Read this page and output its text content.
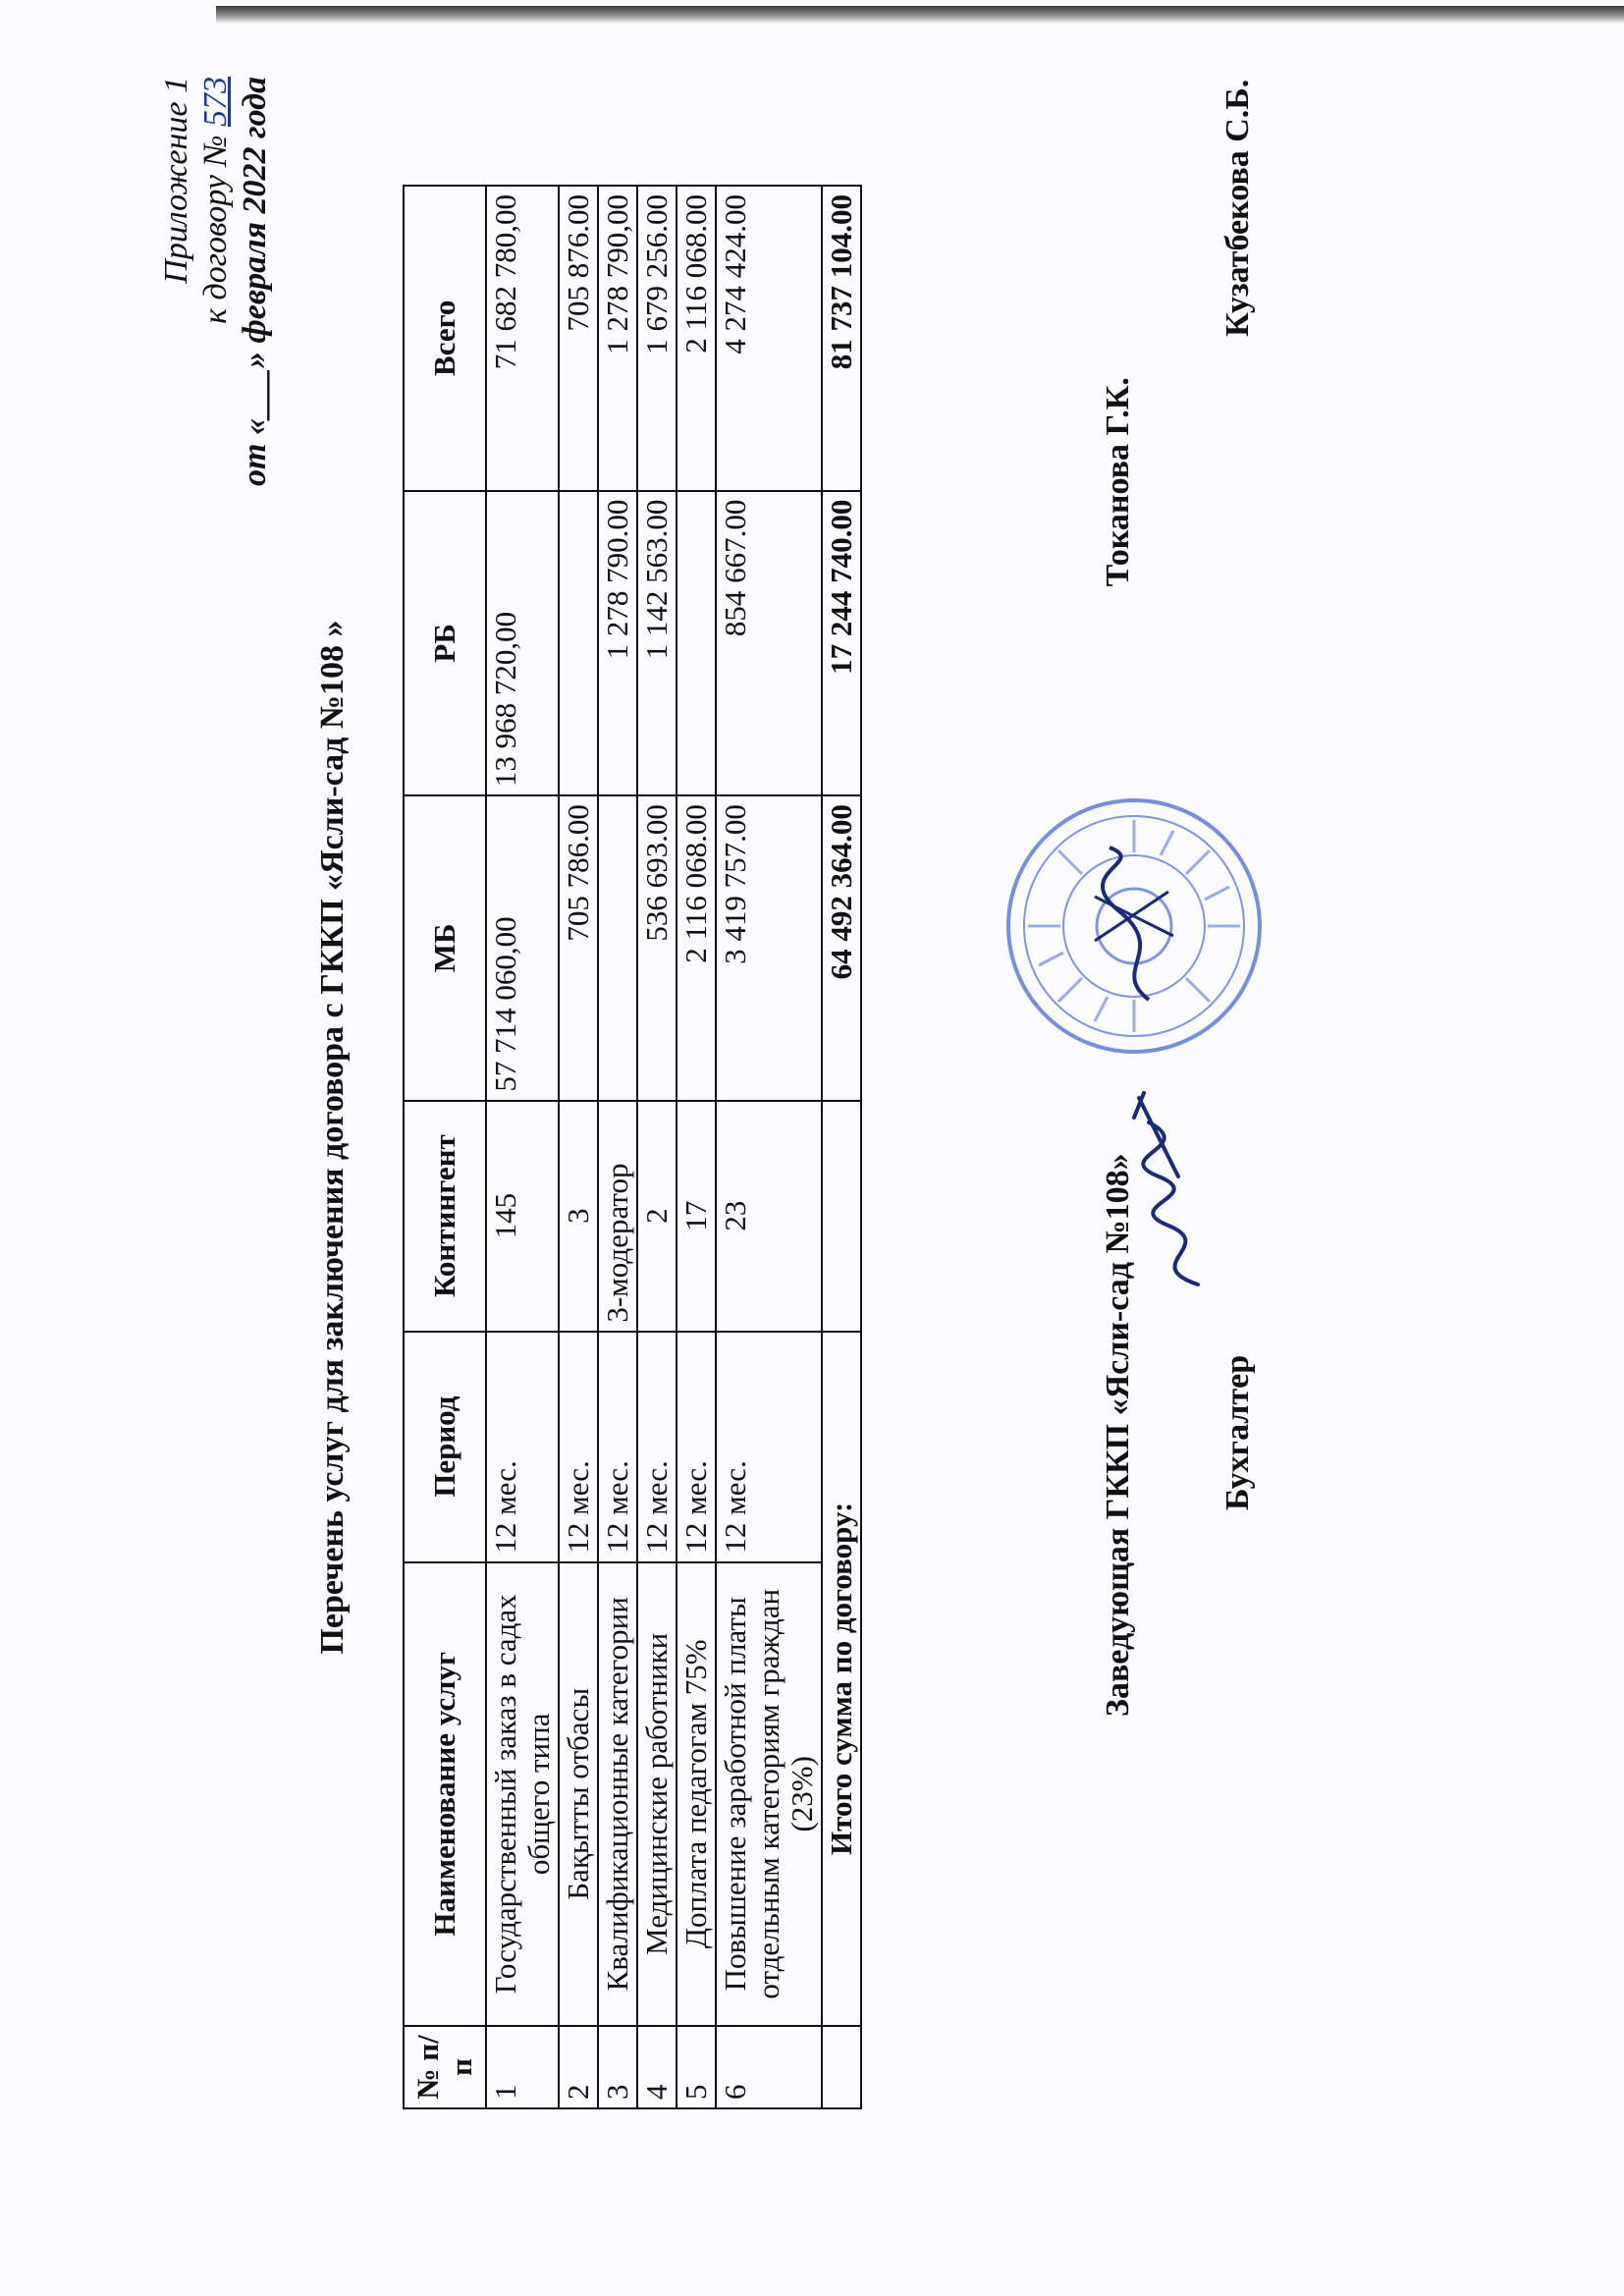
Приложение 1 к договору № 573 от «___» февраля 2022 года
Перечень услуг для заключения договора с ГККП «Ясли-сад №108 »
№ п/п	Наименование услуг	Период	Контингент	МБ	РБ	Всего
1	Государственный заказ в садах общего типа	12 мес.	145	57 714 060,00	13 968 720,00	71 682 780,00
2	Бақытты отбасы	12 мес.	3	705 786.00		705 876.00
3	Квалификационные категории	12 мес.	3-модератор		1 278 790.00	1 278 790,00
4	Медицинские работники	12 мес.	2	536 693.00	1 142 563.00	1 679 256.00
5	Доплата педагогам 75%	12 мес.	17	2 116 068.00		2 116 068.00
6	Повышение заработной платы отдельным категориям граждан (23%)	12 мес.	23	3 419 757.00	854 667.00	4 274 424.00
	Итого сумма по договору:			64 492 364.00	17 244 740.00	81 737 104.00
Заведующая ГККП «Ясли-сад №108»  Токанова Г.К.
Бухгалтер  Кузатбекова С.Б.
